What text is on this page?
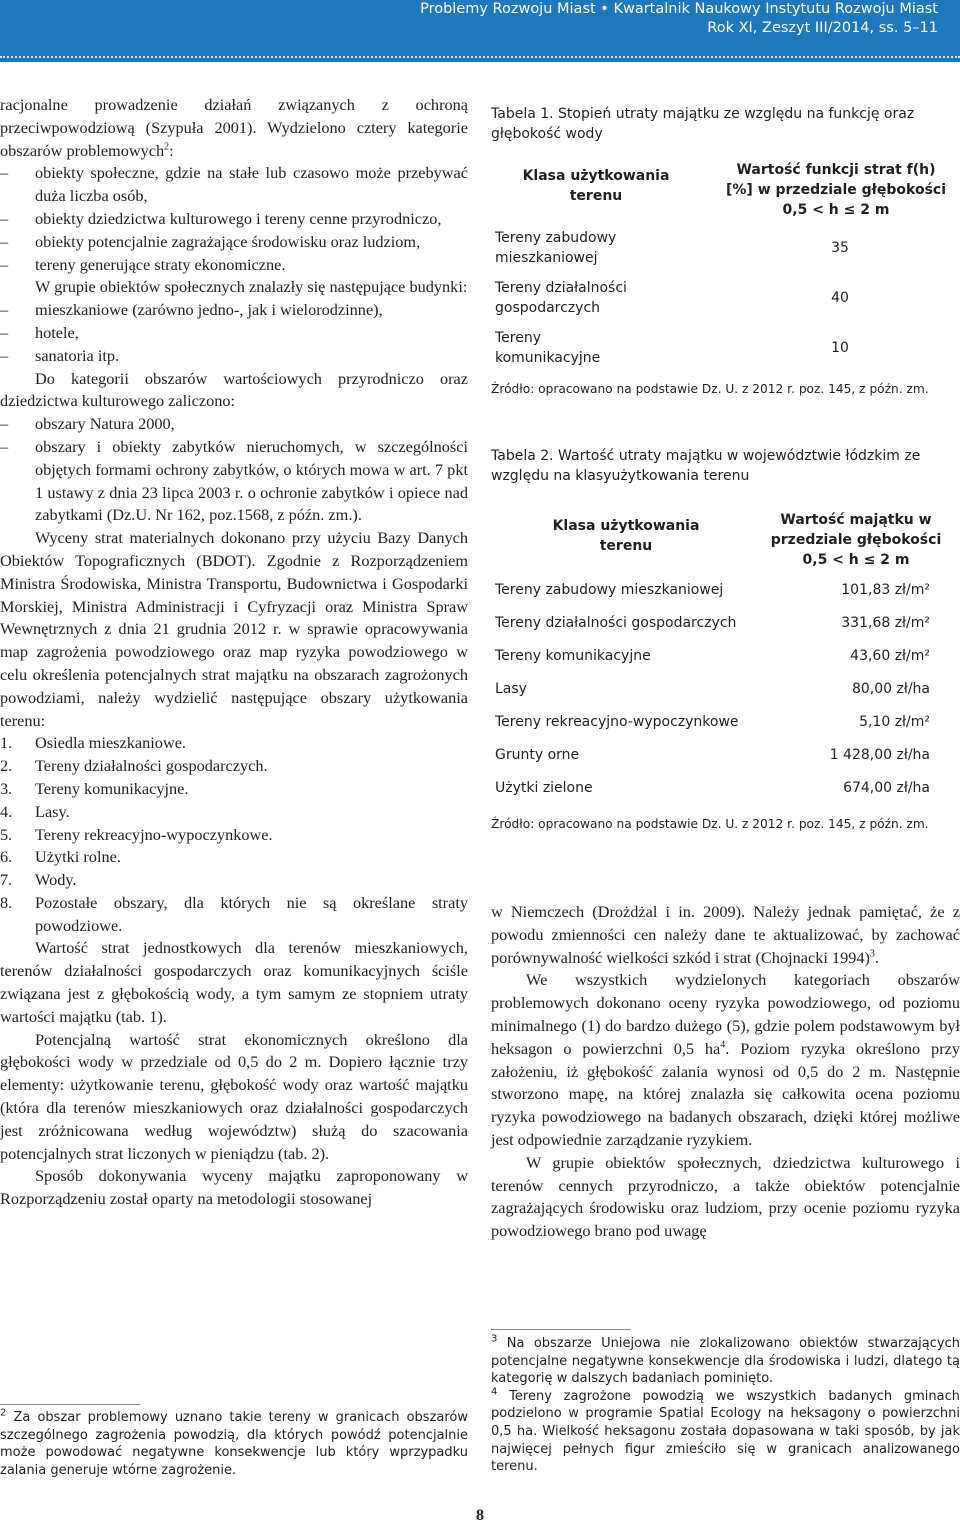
Problemy Rozwoju Miast • Kwartalnik Naukowy Instytutu Rozwoju Miast
Rok XI, Zeszyt III/2014, ss. 5–11

racjonalne prowadzenie działań związanych z ochroną przeciwpowodziową (Szypuła 2001). Wydzielono cztery kategorie obszarów problemowych$^2$:

– obiekty społeczne, gdzie na stałe lub czasowo może przebywać duża liczba osób,

– obiekty dziedzictwa kulturowego i tereny cenne przyrodniczo,

– obiekty potencjalnie zagrażające środowisku oraz ludziom,

– tereny generujące straty ekonomiczne.

W grupie obiektów społecznych znalazły się następujące budynki:

– mieszkaniowe (zarówno jedno-, jak i wielorodzinne),

– hotele,

– sanatoria itp.

Do kategorii obszarów wartościowych przyrodniczo oraz dziedzictwa kulturowego zaliczono:

– obszary Natura 2000,

– obszary i obiekty zabytków nieruchomych, w szczególności objętych formami ochrony zabytków, o których mowa w art. 7 pkt 1 ustawy z dnia 23 lipca 2003 r. o ochronie zabytków i opiece nad zabytkami (Dz.U. Nr 162, poz.1568, z późn. zm.).

Wyceny strat materialnych dokonano przy użyciu Bazy Danych Obiektów Topograficznych (BDOT). Zgodnie z Rozporządzeniem Ministra Środowiska, Ministra Transportu, Budownictwa i Gospodarki Morskiej, Ministra Administracji i Cyfryzacji oraz Ministra Spraw Wewnętrznych z dnia 21 grudnia 2012 r. w sprawie opracowywania map zagrożenia powodziowego oraz map ryzyka powodziowego w celu określenia potencjalnych strat majątku na obszarach zagrożonych powodziami, należy wydzielić następujące obszary użytkowania terenu:

1. Osiedla mieszkaniowe.

2. Tereny działalności gospodarczych.

3. Tereny komunikacyjne.

4. Lasy.

5. Tereny rekreacyjno-wypoczynkowe.

6. Użytki rolne.

7. Wody.

8. Pozostałe obszary, dla których nie są określane straty powodziowe.

Wartość strat jednostkowych dla terenów mieszkaniowych, terenów działalności gospodarczych oraz komunikacyjnych ściśle związana jest z głębokością wody, a tym samym ze stopniem utraty wartości majątku (tab. 1).

Potencjalną wartość strat ekonomicznych określono dla głębokości wody w przedziale od 0,5 do 2 m. Dopiero łącznie trzy elementy: użytkowanie terenu, głębokość wody oraz wartość majątku (która dla terenów mieszkaniowych oraz działalności gospodarczych jest zróżnicowana według województw) służą do szacowania potencjalnych strat liczonych w pieniądzu (tab. 2).

Sposób dokonywania wyceny majątku zaproponowany w Rozporządzeniu został oparty na metodologii stosowanej

$^2$ Za obszar problemowy uznano takie tereny w granicach obszarów szczególnego zagrożenia powodzią, dla których powódź potencjalnie może powodować negatywne konsekwencje lub który wprzypadku zalania generuje wtórne zagrożenie.
Tabela 1. Stopień utraty majątku ze względu na funkcję oraz głębokość wody
Klasa użytkowania terenu
Wartość funkcji strat f(h) [%] w przedziale głębokości 0,5 < h ≤ 2 m
Tereny zabudowy mieszkaniowej
35
Tereny działalności gospodarczych
40
Tereny komunikacyjne
10
Źródło: opracowano na podstawie Dz. U. z 2012 r. poz. 145, z późn. zm.
Tabela 2. Wartość utraty majątku w województwie łódzkim ze względu na klasyużytkowania terenu
Klasa użytkowania terenu
Wartość majątku w przedziale głębokości 0,5 < h ≤ 2 m
Tereny zabudowy mieszkaniowej	101,83 zł/m²
Tereny działalności gospodarczych	331,68 zł/m²
Tereny komunikacyjne	43,60 zł/m²
Lasy	80,00 zł/ha
Tereny rekreacyjno-wypoczynkowe	5,10 zł/m²
Grunty orne	1 428,00 zł/ha
Użytki zielone	674,00 zł/ha
Źródło: opracowano na podstawie Dz. U. z 2012 r. poz. 145, z późn. zm.

w Niemczech (Drożdżal i in. 2009). Należy jednak pamiętać, że z powodu zmienności cen należy dane te aktualizować, by zachować porównywalność wielkości szkód i strat (Chojnacki 1994)$^3$.

We wszystkich wydzielonych kategoriach obszarów problemowych dokonano oceny ryzyka powodziowego, od poziomu minimalnego (1) do bardzo dużego (5), gdzie polem podstawowym był heksagon o powierzchni 0,5 $ha^4$. Poziom ryzyka określono przy założeniu, iż głębokość zalania wynosi od 0,5 do 2 m. Następnie stworzono mapę, na której znalazła się całkowita ocena poziomu ryzyka powodziowego na badanych obszarach, dzięki której możliwe jest odpowiednie zarządzanie ryzykiem.

W grupie obiektów społecznych, dziedzictwa kulturowego i terenów cennych przyrodniczo, a także obiektów potencjalnie zagrażających środowisku oraz ludziom, przy ocenie poziomu ryzyka powodziowego brano pod uwagę

$^3$ Na obszarze Uniejowa nie zlokalizowano obiektów stwarzających potencjalne negatywne konsekwencje dla środowiska i ludzi, dlatego tą kategorię w dalszych badaniach pominięto.

$^4$ Tereny zagrożone powodzią we wszystkich badanych gminach podzielono w programie Spatial Ecology na heksagony o powierzchni 0,5 ha. Wielkość heksagonu została dopasowana w taki sposób, by jak najwięcej pełnych figur zmieściło się w granicach analizowanego terenu.

8
